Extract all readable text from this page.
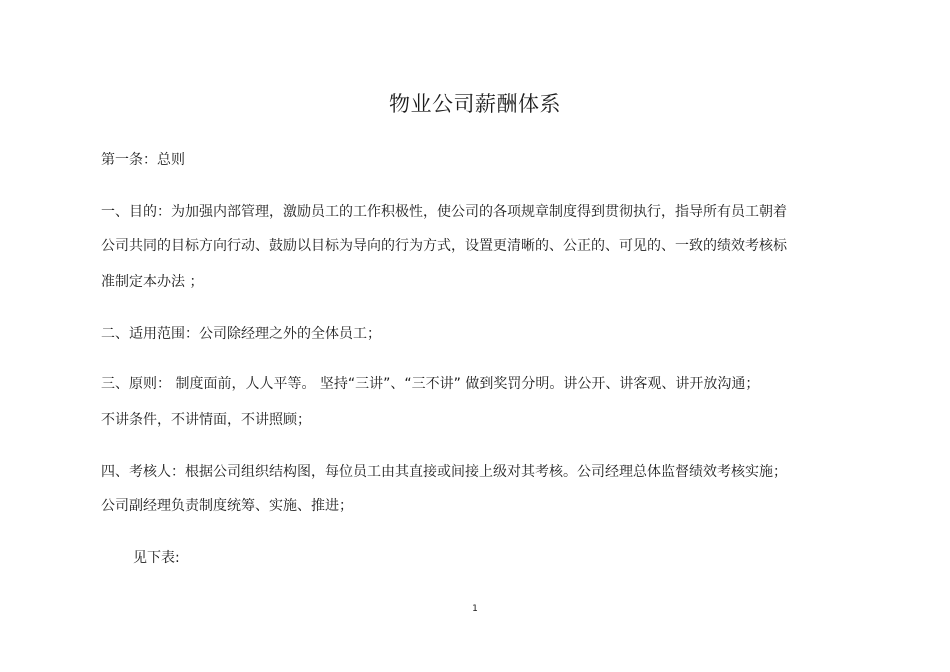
物业公司薪酬体系
第一条：总则
一、目的：为加强内部管理，激励员工的工作积极性，使公司的各项规章制度得到贯彻执行，指导所有员工朝着
公司共同的目标方向行动、鼓励以目标为导向的行为方式，设置更清晰的、公正的、可见的、一致的绩效考核标
准制定本办法 ；
二、适用范围：公司除经理之外的全体员工；
三、原则： 制度面前，人人平等。 坚持“三讲”、“三不讲” 做到奖罚分明。讲公开、讲客观、讲开放沟通；
不讲条件，不讲情面，不讲照顾；
四、考核人：根据公司组织结构图，每位员工由其直接或间接上级对其考核。公司经理总体监督绩效考核实施；
公司副经理负责制度统筹、实施、推进；
见下表:
1
